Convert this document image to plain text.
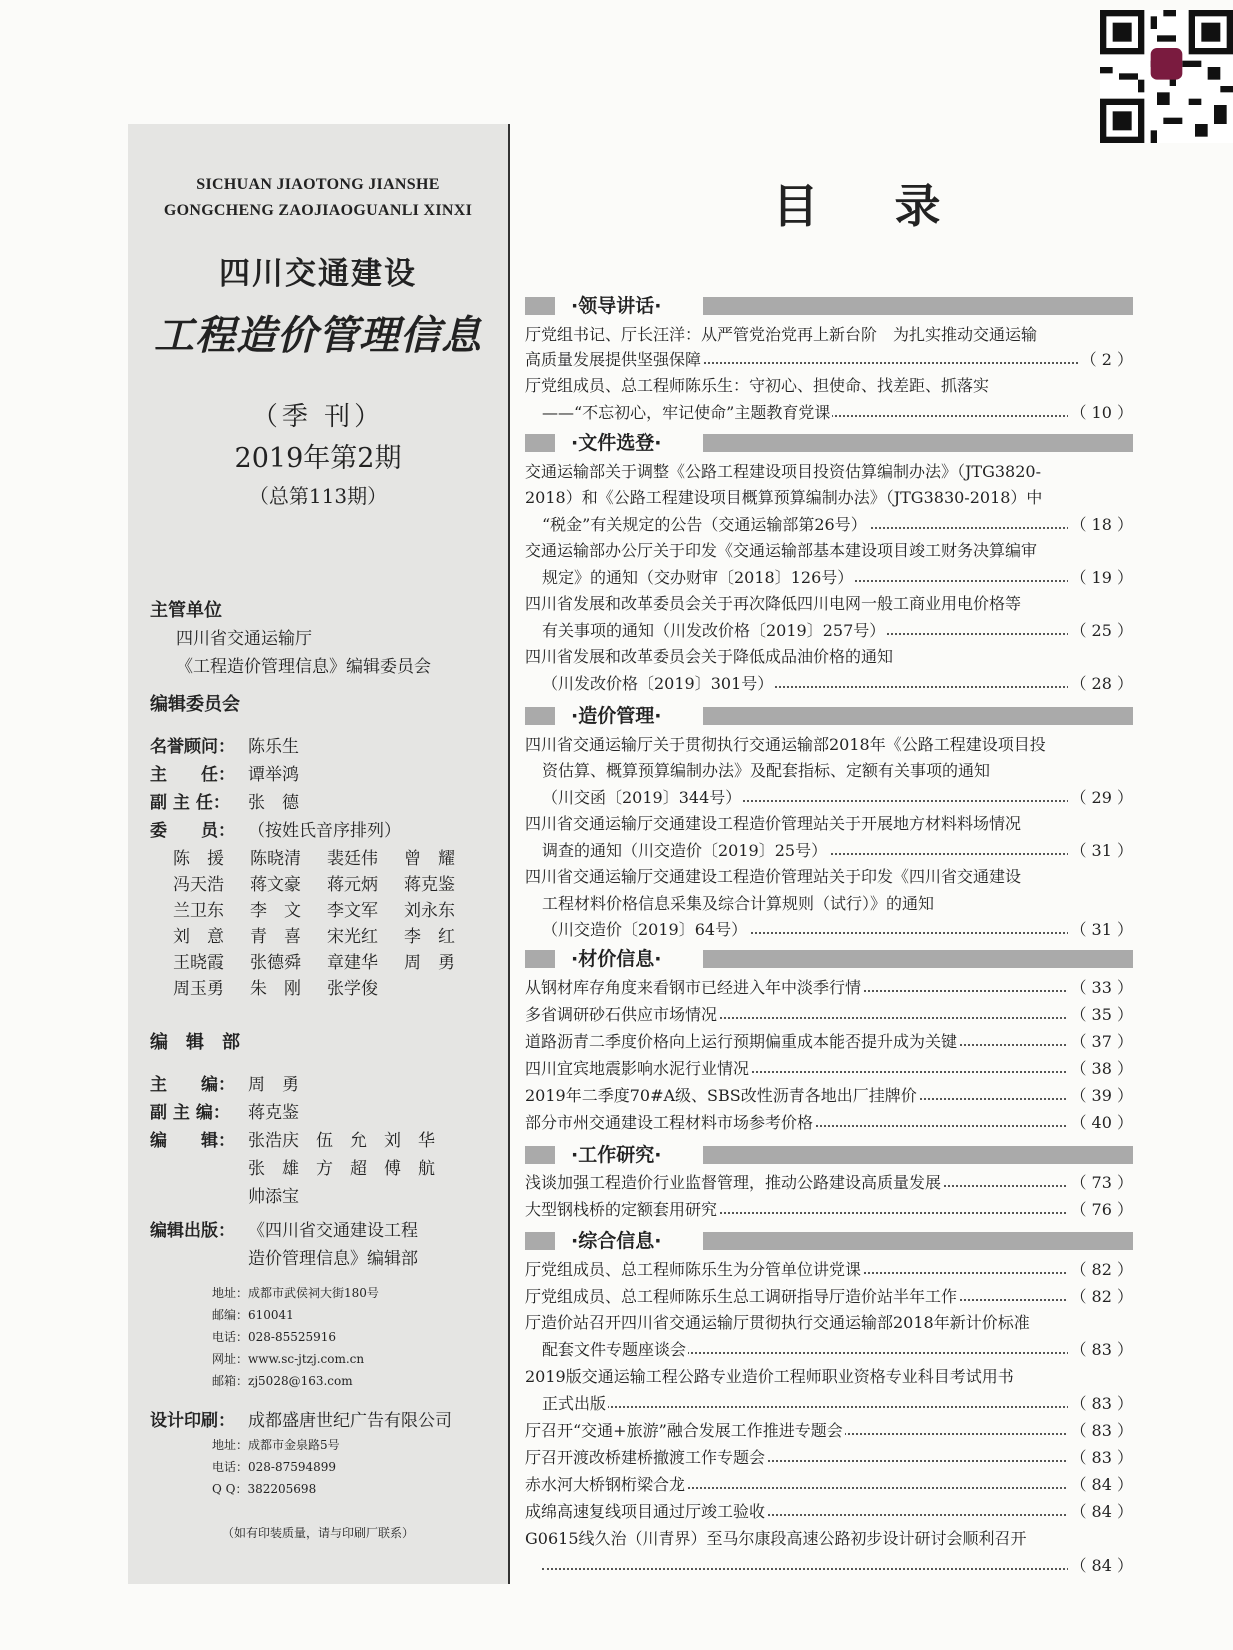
SICHUAN JIAOTONG JIANSHE
GONGCHENG ZAOJIAOGUANLI XINXI
四川交通建设
工程造价管理信息
（季 刊）
2019年第2期
（总第113期）
主管单位
四川省交通运输厅
《工程造价管理信息》编辑委员会
编辑委员会
名誉顾问： 陈乐生
主　　任： 谭举鸿
副 主 任： 张　德
委　　员： （按姓氏音序排列）
陈　援 陈晓清 裴廷伟 曾　耀
冯天浩 蒋文豪 蒋元炳 蒋克鉴
兰卫东 李　文 李文军 刘永东
刘　意 青　喜 宋光红 李　红
王晓霞 张德舜 章建华 周　勇
周玉勇 朱　刚 张学俊
编　辑　部
主　　编： 周　勇
副 主 编： 蒋克鉴
编　　辑： 张浩庆　伍　允　刘　华
张　雄　方　超　傅　航
帅添宝
编辑出版： 《四川省交通建设工程
造价管理信息》编辑部
地址：成都市武侯祠大街180号
邮编：610041
电话：028-85525916
网址：www.sc-jtzj.com.cn
邮箱：zj5028@163.com
设计印刷： 成都盛唐世纪广告有限公司
地址：成都市金泉路5号
电话：028-87594899
Q Q：382205698
（如有印装质量，请与印刷厂联系）
目 录
·领导讲话·
厅党组书记、厅长汪洋：从严管党治党再上新台阶　为扎实推动交通运输
高质量发展提供坚强保障	（ 2 ）
厅党组成员、总工程师陈乐生：守初心、担使命、找差距、抓落实
——“不忘初心，牢记使命”主题教育党课	（ 10 ）
·文件选登·
交通运输部关于调整《公路工程建设项目投资估算编制办法》（JTG3820-
2018）和《公路工程建设项目概算预算编制办法》（JTG3830-2018）中
“税金”有关规定的公告（交通运输部第26号）	（ 18 ）
交通运输部办公厅关于印发《交通运输部基本建设项目竣工财务决算编审
规定》的通知（交办财审〔2018〕126号）	（ 19 ）
四川省发展和改革委员会关于再次降低四川电网一般工商业用电价格等
有关事项的通知（川发改价格〔2019〕257号）	（ 25 ）
四川省发展和改革委员会关于降低成品油价格的通知
（川发改价格〔2019〕301号）	（ 28 ）
·造价管理·
四川省交通运输厅关于贯彻执行交通运输部2018年《公路工程建设项目投
资估算、概算预算编制办法》及配套指标、定额有关事项的通知
（川交函〔2019〕344号）	（ 29 ）
四川省交通运输厅交通建设工程造价管理站关于开展地方材料料场情况
调查的通知（川交造价〔2019〕25号）	（ 31 ）
四川省交通运输厅交通建设工程造价管理站关于印发《四川省交通建设
工程材料价格信息采集及综合计算规则（试行）》的通知
（川交造价〔2019〕64号）	（ 31 ）
·材价信息·
从钢材库存角度来看钢市已经进入年中淡季行情	（ 33 ）
多省调研砂石供应市场情况	（ 35 ）
道路沥青二季度价格向上运行预期偏重成本能否提升成为关键	（ 37 ）
四川宜宾地震影响水泥行业情况	（ 38 ）
2019年二季度70#A级、SBS改性沥青各地出厂挂牌价	（ 39 ）
部分市州交通建设工程材料市场参考价格	（ 40 ）
·工作研究·
浅谈加强工程造价行业监督管理，推动公路建设高质量发展	（ 73 ）
大型钢栈桥的定额套用研究	（ 76 ）
·综合信息·
厅党组成员、总工程师陈乐生为分管单位讲党课	（ 82 ）
厅党组成员、总工程师陈乐生总工调研指导厅造价站半年工作	（ 82 ）
厅造价站召开四川省交通运输厅贯彻执行交通运输部2018年新计价标准
配套文件专题座谈会	（ 83 ）
2019版交通运输工程公路专业造价工程师职业资格专业科目考试用书
正式出版	（ 83 ）
厅召开“交通+旅游”融合发展工作推进专题会	（ 83 ）
厅召开渡改桥建桥撤渡工作专题会	（ 83 ）
赤水河大桥钢桁梁合龙	（ 84 ）
成绵高速复线项目通过厅竣工验收	（ 84 ）
G0615线久治（川青界）至马尔康段高速公路初步设计研讨会顺利召开
（ 84 ）
